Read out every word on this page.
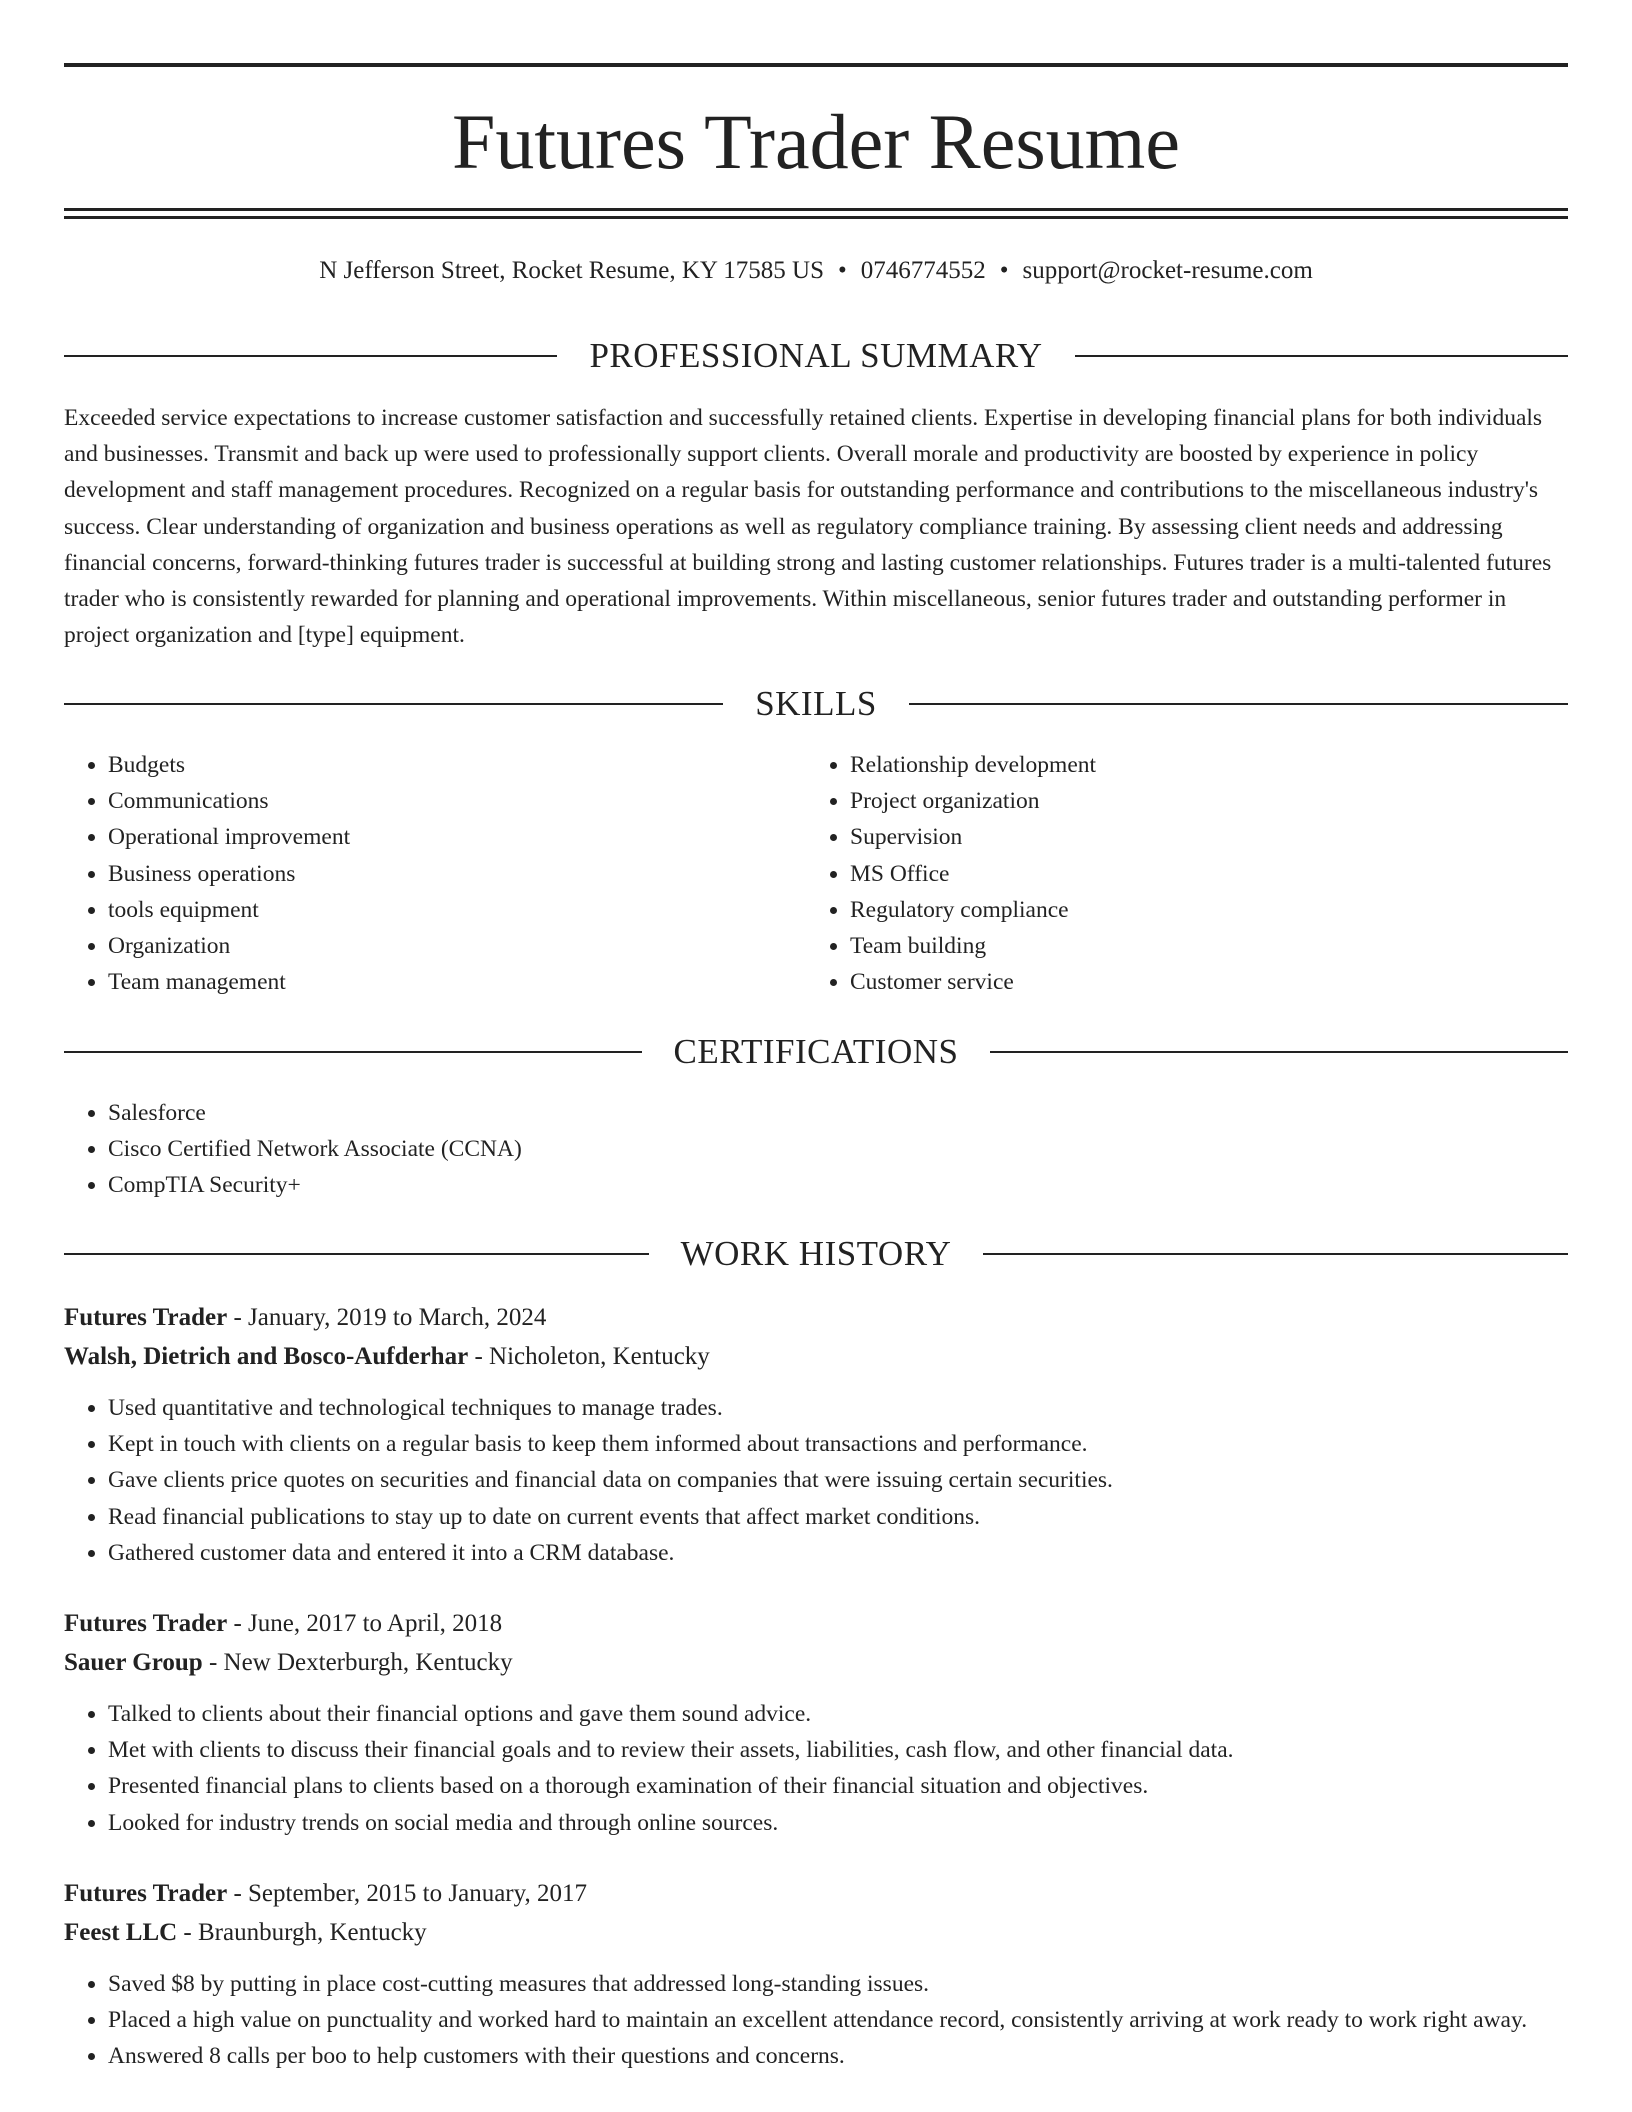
Futures Trader Resume
N Jefferson Street, Rocket Resume, KY 17585 US • 0746774552 • support@rocket-resume.com
PROFESSIONAL SUMMARY

Exceeded service expectations to increase customer satisfaction and successfully retained clients. Expertise in developing financial plans for both individuals and businesses. Transmit and back up were used to professionally support clients. Overall morale and productivity are boosted by experience in policy development and staff management procedures. Recognized on a regular basis for outstanding performance and contributions to the miscellaneous industry's success. Clear understanding of organization and business operations as well as regulatory compliance training. By assessing client needs and addressing financial concerns, forward-thinking futures trader is successful at building strong and lasting customer relationships. Futures trader is a multi-talented futures trader who is consistently rewarded for planning and operational improvements. Within miscellaneous, senior futures trader and outstanding performer in project organization and [type] equipment.

SKILLS
• Budgets
• Communications
• Operational improvement
• Business operations
• tools equipment
• Organization
• Team management
• Relationship development
• Project organization
• Supervision
• MS Office
• Regulatory compliance
• Team building
• Customer service
CERTIFICATIONS
• Salesforce
• Cisco Certified Network Associate (CCNA)
• CompTIA Security+
WORK HISTORY

Futures Trader - January, 2019 to March, 2024

Walsh, Dietrich and Bosco-Aufderhar - Nicholeton, Kentucky

• Used quantitative and technological techniques to manage trades.
• Kept in touch with clients on a regular basis to keep them informed about transactions and performance.
• Gave clients price quotes on securities and financial data on companies that were issuing certain securities.
• Read financial publications to stay up to date on current events that affect market conditions.
• Gathered customer data and entered it into a CRM database.

Futures Trader - June, 2017 to April, 2018

Sauer Group - New Dexterburgh, Kentucky

• Talked to clients about their financial options and gave them sound advice.
• Met with clients to discuss their financial goals and to review their assets, liabilities, cash flow, and other financial data.
• Presented financial plans to clients based on a thorough examination of their financial situation and objectives.
• Looked for industry trends on social media and through online sources.

Futures Trader - September, 2015 to January, 2017

Feest LLC - Braunburgh, Kentucky

• Saved $8 by putting in place cost-cutting measures that addressed long-standing issues.
• Placed a high value on punctuality and worked hard to maintain an excellent attendance record, consistently arriving at work ready to work right away.
• Answered 8 calls per boo to help customers with their questions and concerns.
